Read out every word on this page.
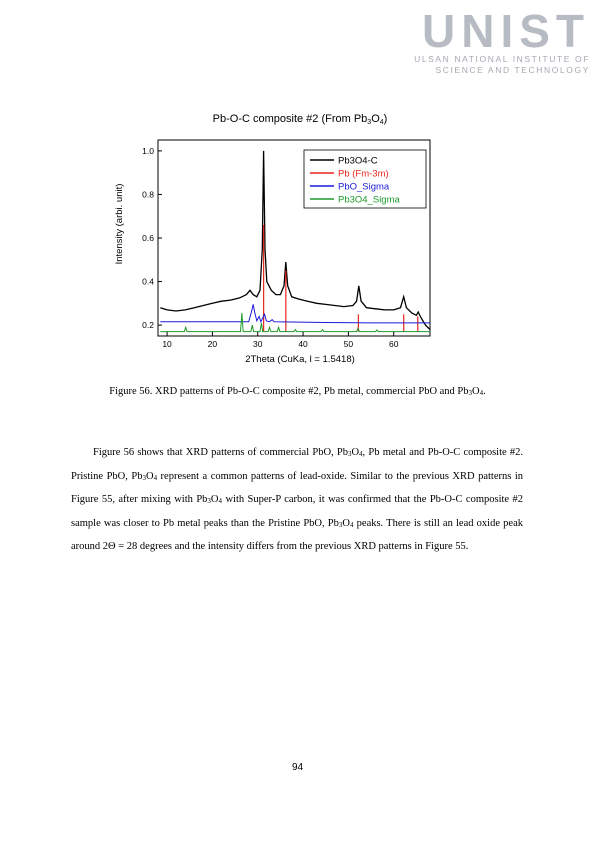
UNIST
ULSAN NATIONAL INSTITUTE OF
SCIENCE AND TECHNOLOGY
Pb-O-C composite #2 (From Pb3O4)
10	20	30	40	50	60
0.2
0.4
0.6
0.8
1.0
Intensity (arbi. unit)
2Theta (CuKa, l = 1.5418)
Pb3O4-C
Pb (Fm-3m)
PbO_Sigma
Pb3O4_Sigma
Figure 56. XRD patterns of Pb-O-C composite #2, Pb metal, commercial PbO and $Pb_3O_4$.

Figure 56 shows that XRD patterns of commercial PbO, $Pb_3O_4$, Pb metal and Pb-O-C composite #2. Pristine PbO, $Pb_3O_4$ represent a common patterns of lead-oxide. Similar to the previous XRD patterns in Figure 55, after mixing with $Pb_3O_4$ with Super-P carbon, it was confirmed that the Pb-O-C composite #2 sample was closer to Pb metal peaks than the Pristine PbO, $Pb_3O_4$ peaks. There is still an lead oxide peak around 2Θ = 28 degrees and the intensity differs from the previous XRD patterns in Figure 55.

94
